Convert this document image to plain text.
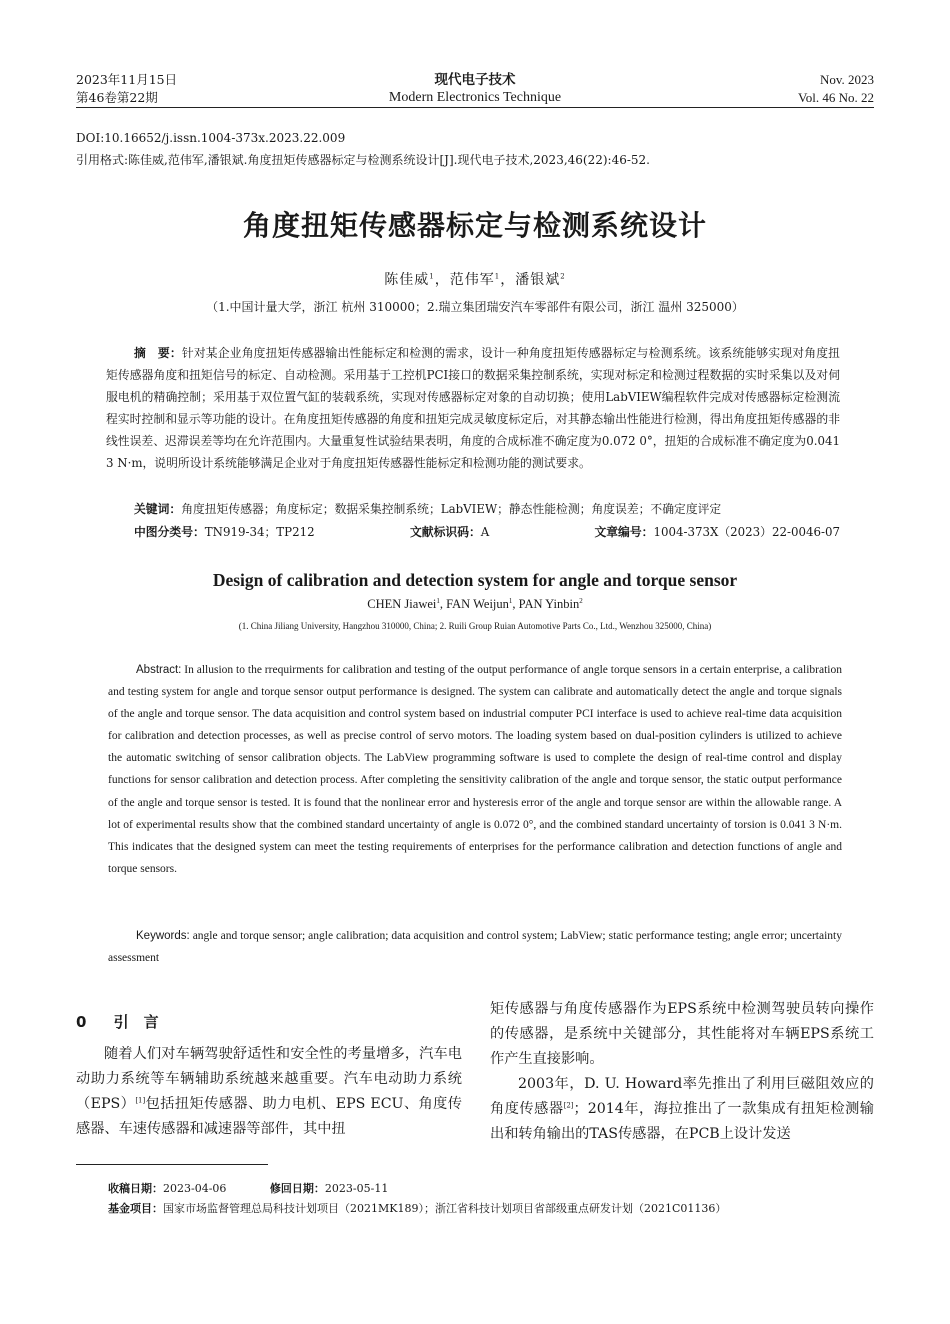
2023年11月15日
第46卷第22期
现代电子技术
Modern Electronics Technique
Nov. 2023
Vol. 46 No. 22
DOI:10.16652/j.issn.1004-373x.2023.22.009
引用格式:陈佳威,范伟军,潘银斌.角度扭矩传感器标定与检测系统设计[J].现代电子技术,2023,46(22):46-52.
角度扭矩传感器标定与检测系统设计
陈佳威$^1$，范伟军$^1$，潘银斌$^2$
（1.中国计量大学，浙江 杭州 310000；2.瑞立集团瑞安汽车零部件有限公司，浙江 温州 325000）
摘　要：针对某企业角度扭矩传感器输出性能标定和检测的需求，设计一种角度扭矩传感器标定与检测系统。该系统能够实现对角度扭矩传感器角度和扭矩信号的标定、自动检测。采用基于工控机PCI接口的数据采集控制系统，实现对标定和检测过程数据的实时采集以及对伺服电机的精确控制；采用基于双位置气缸的装载系统，实现对传感器标定对象的自动切换；使用LabVIEW编程软件完成对传感器标定检测流程实时控制和显示等功能的设计。在角度扭矩传感器的角度和扭矩完成灵敏度标定后，对其静态输出性能进行检测，得出角度扭矩传感器的非线性误差、迟滞误差等均在允许范围内。大量重复性试验结果表明，角度的合成标准不确定度为0.072 0°，扭矩的合成标准不确定度为0.041 3 N·m，说明所设计系统能够满足企业对于角度扭矩传感器性能标定和检测功能的测试要求。
关键词：角度扭矩传感器；角度标定；数据采集控制系统；LabVIEW；静态性能检测；角度误差；不确定度评定
中图分类号：TN919-34；TP212	文献标识码：A	文章编号：1004-373X（2023）22-0046-07
Design of calibration and detection system for angle and torque sensor
CHEN Jiawei$^1$, FAN Weijun$^1$, PAN Yinbin$^2$
(1. China Jiliang University, Hangzhou 310000, China; 2. Ruili Group Ruian Automotive Parts Co., Ltd., Wenzhou 325000, China)
Abstract: In allusion to the rrequirments for calibration and testing of the output performance of angle torque sensors in a certain enterprise, a calibration and testing system for angle and torque sensor output performance is designed. The system can calibrate and automatically detect the angle and torque signals of the angle and torque sensor. The data acquisition and control system based on industrial computer PCI interface is used to achieve real-time data acquisition for calibration and detection processes, as well as precise control of servo motors. The loading system based on dual-position cylinders is utilized to achieve the automatic switching of sensor calibration objects. The LabView programming software is used to complete the design of real-time control and display functions for sensor calibration and detection process. After completing the sensitivity calibration of the angle and torque sensor, the static output performance of the angle and torque sensor is tested. It is found that the nonlinear error and hysteresis error of the angle and torque sensor are within the allowable range. A lot of experimental results show that the combined standard uncertainty of angle is 0.072 0°, and the combined standard uncertainty of torsion is 0.041 3 N·m. This indicates that the designed system can meet the testing requirements of enterprises for the performance calibration and detection functions of angle and torque sensors.
Keywords: angle and torque sensor; angle calibration; data acquisition and control system; LabView; static performance testing; angle error; uncertainty assessment
0 引　言
随着人们对车辆驾驶舒适性和安全性的考量增多，汽车电动助力系统等车辆辅助系统越来越重要。汽车电动助力系统（EPS）[1]包括扭矩传感器、助力电机、EPS ECU、角度传感器、车速传感器和减速器等部件，其中扭
矩传感器与角度传感器作为EPS系统中检测驾驶员转向操作的传感器，是系统中关键部分，其性能将对车辆EPS系统工作产生直接影响。
2003年，D. U. Howard率先推出了利用巨磁阻效应的角度传感器[2]；2014年，海拉推出了一款集成有扭矩检测输出和转角输出的TAS传感器，在PCB上设计发送
收稿日期：2023-04-06	修回日期：2023-05-11
基金项目：国家市场监督管理总局科技计划项目（2021MK189）；浙江省科技计划项目省部级重点研发计划（2021C01136）
